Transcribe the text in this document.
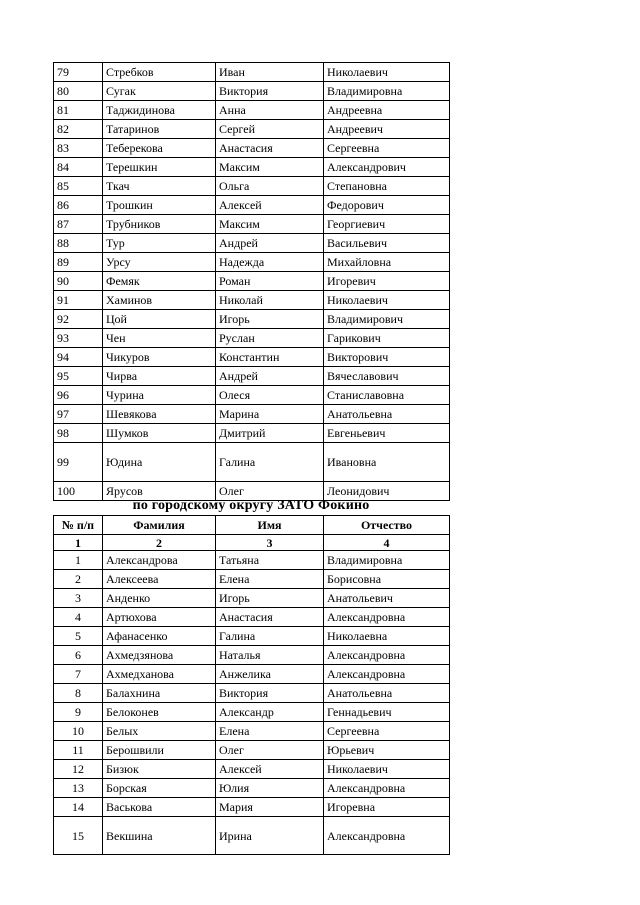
79	Стребков	Иван	Николаевич
80	Сугак	Виктория	Владимировна
81	Таджидинова	Анна	Андреевна
82	Татаринов	Сергей	Андреевич
83	Теберекова	Анастасия	Сергеевна
84	Терешкин	Максим	Александрович
85	Ткач	Ольга	Степановна
86	Трошкин	Алексей	Федорович
87	Трубников	Максим	Георгиевич
88	Тур	Андрей	Васильевич
89	Урсу	Надежда	Михайловна
90	Фемяк	Роман	Игоревич
91	Хаминов	Николай	Николаевич
92	Цой	Игорь	Владимирович
93	Чен	Руслан	Гарикович
94	Чикуров	Константин	Викторович
95	Чирва	Андрей	Вячеславович
96	Чурина	Олеся	Станиславовна
97	Шевякова	Марина	Анатольевна
98	Шумков	Дмитрий	Евгеньевич
99	Юдина	Галина	Ивановна
100	Ярусов	Олег	Леонидович
по городскому округу ЗАТО Фокино
№ п/п	Фамилия	Имя	Отчество
1	2	3	4
1	Александрова	Татьяна	Владимировна
2	Алексеева	Елена	Борисовна
3	Анденко	Игорь	Анатольевич
4	Артюхова	Анастасия	Александровна
5	Афанасенко	Галина	Николаевна
6	Ахмедзянова	Наталья	Александровна
7	Ахмедханова	Анжелика	Александровна
8	Балахнина	Виктория	Анатольевна
9	Белоконев	Александр	Геннадьевич
10	Белых	Елена	Сергеевна
11	Берошвили	Олег	Юрьевич
12	Бизюк	Алексей	Николаевич
13	Борская	Юлия	Александровна
14	Васькова	Мария	Игоревна
15	Векшина	Ирина	Александровна
